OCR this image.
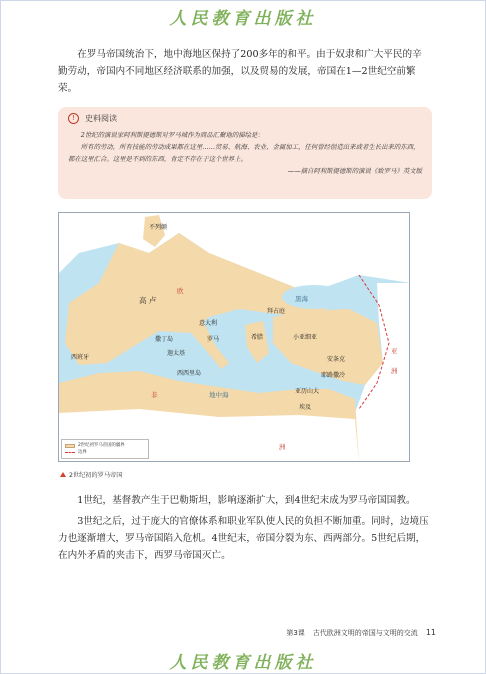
人民教育出版社

在罗马帝国统治下，地中海地区保持了200多年的和平。由于奴隶和广大平民的辛勤劳动，帝国内不同地区经济联系的加强，以及贸易的发展，帝国在1—2世纪空前繁荣。

!	史料阅读

2世纪的演说家阿利斯提德斯对罗马城作为商品汇聚地的描绘是：

所有的劳动，所有技能的劳动成果都在这里……贸易、航海、农业、金属加工，任何曾经创造出来或者生长出来的东西，都在这里汇合。这里是不到的东西，肯定不存在于这个世界上。

——摘自阿利斯提德斯的演说《致罗马》英文版

欧
高 卢
不列颠
西班牙
罗马
意大利
撒丁岛
迦太基
西西里岛
希腊
拜占庭
黑海
小亚细亚
安条克
耶路撒冷
亚历山大
地中海
非
埃及
亚
洲
洲
2世纪初罗马帝国的疆界
边界
2世纪初的罗马帝国

1世纪，基督教产生于巴勒斯坦，影响逐渐扩大，到4世纪末成为罗马帝国国教。

3世纪之后，过于庞大的官僚体系和职业军队使人民的负担不断加重。同时，边境压力也逐渐增大，罗马帝国陷入危机。4世纪末，帝国分裂为东、西两部分。5世纪后期，在内外矛盾的夹击下，西罗马帝国灭亡。

第3课 古代欧洲文明的帝国与文明的交流 11
人民教育出版社
